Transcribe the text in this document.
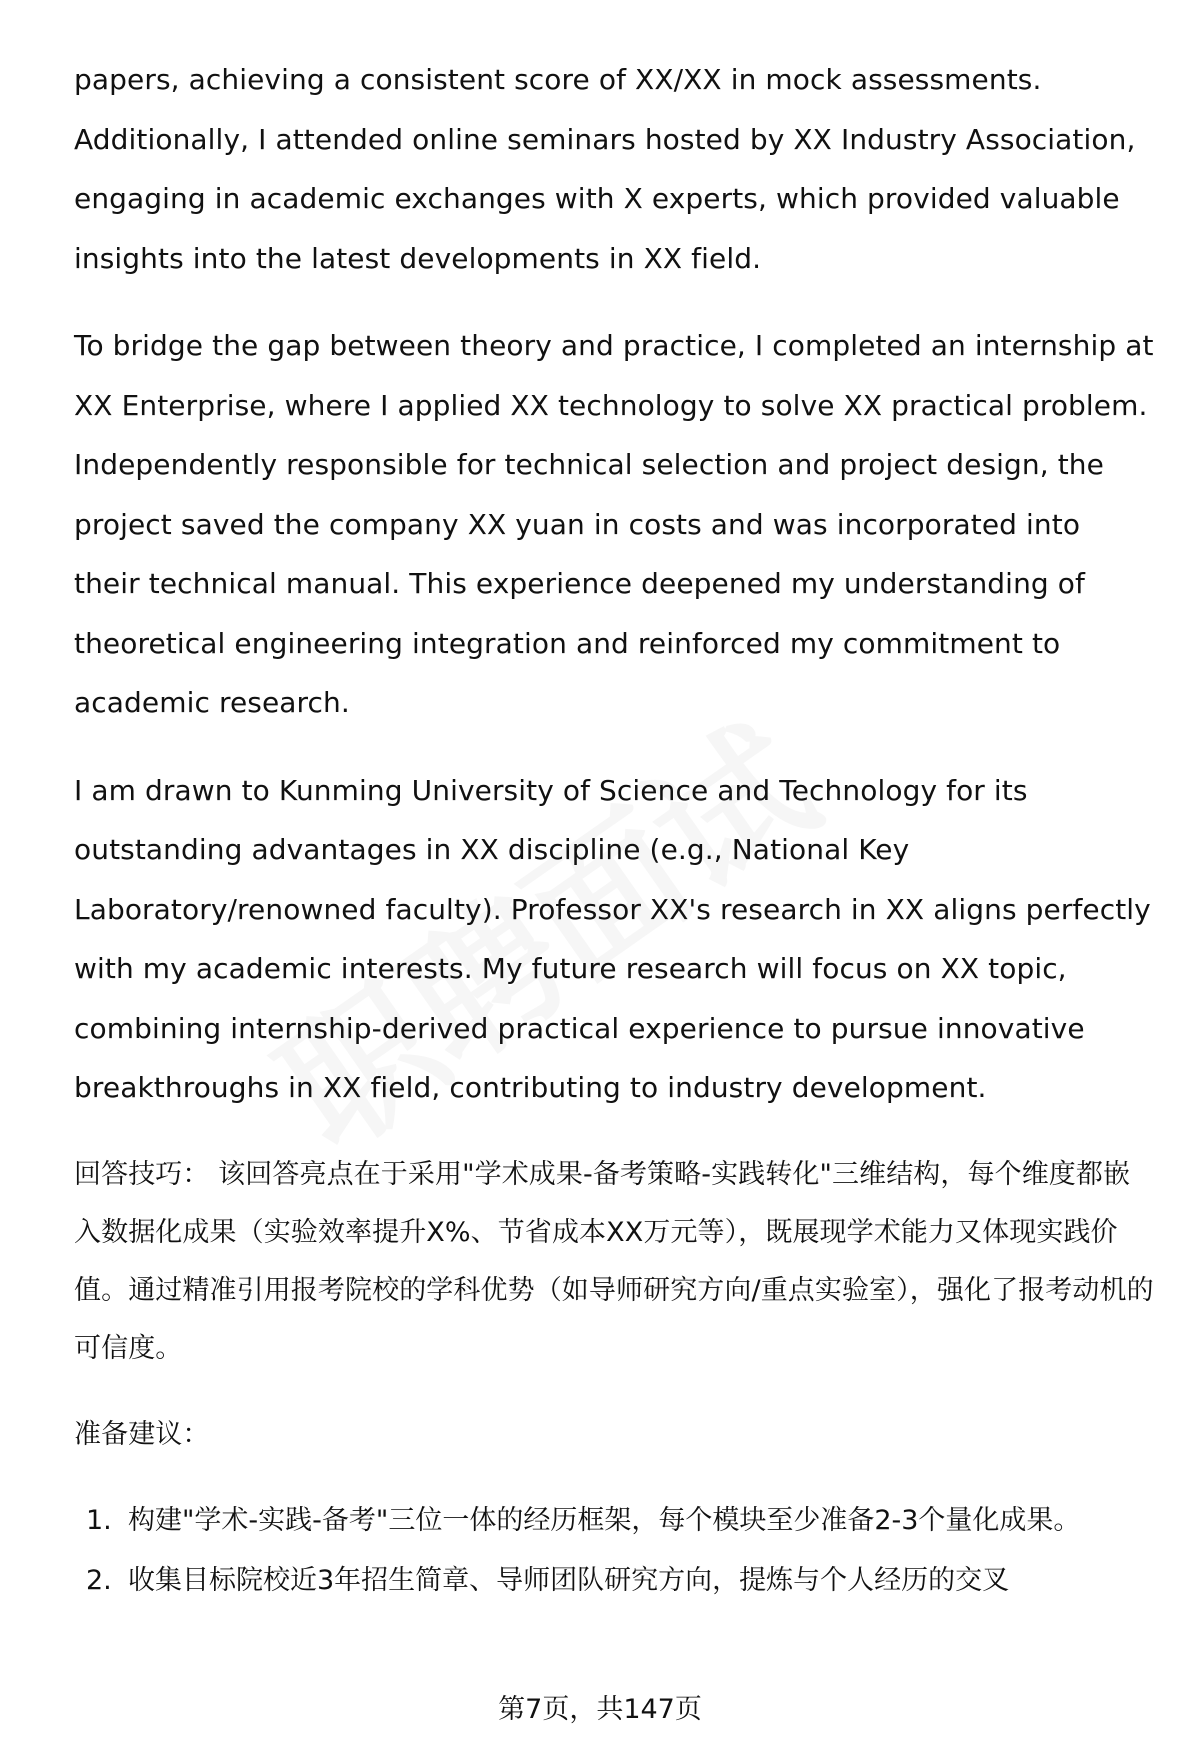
papers, achieving a consistent score of XX/XX in mock assessments. Additionally, I attended online seminars hosted by XX Industry Association, engaging in academic exchanges with X experts, which provided valuable insights into the latest developments in XX field.

To bridge the gap between theory and practice, I completed an internship at XX Enterprise, where I applied XX technology to solve XX practical problem. Independently responsible for technical selection and project design, the project saved the company XX yuan in costs and was incorporated into their technical manual. This experience deepened my understanding of theoretical engineering integration and reinforced my commitment to academic research.

I am drawn to Kunming University of Science and Technology for its outstanding advantages in XX discipline (e.g., National Key Laboratory/renowned faculty). Professor XX's research in XX aligns perfectly with my academic interests. My future research will focus on XX topic, combining internship-derived practical experience to pursue innovative breakthroughs in XX field, contributing to industry development.

回答技巧： 该回答亮点在于采用"学术成果-备考策略-实践转化"三维结构，每个维度都嵌入数据化成果（实验效率提升X%、节省成本XX万元等），既展现学术能力又体现实践价值。通过精准引用报考院校的学科优势（如导师研究方向/重点实验室），强化了报考动机的可信度。

准备建议：

1. 构建"学术-实践-备考"三位一体的经历框架，每个模块至少准备2-3个量化成果。
2. 收集目标院校近3年招生简章、导师团队研究方向，提炼与个人经历的交叉
第7页，共147页
